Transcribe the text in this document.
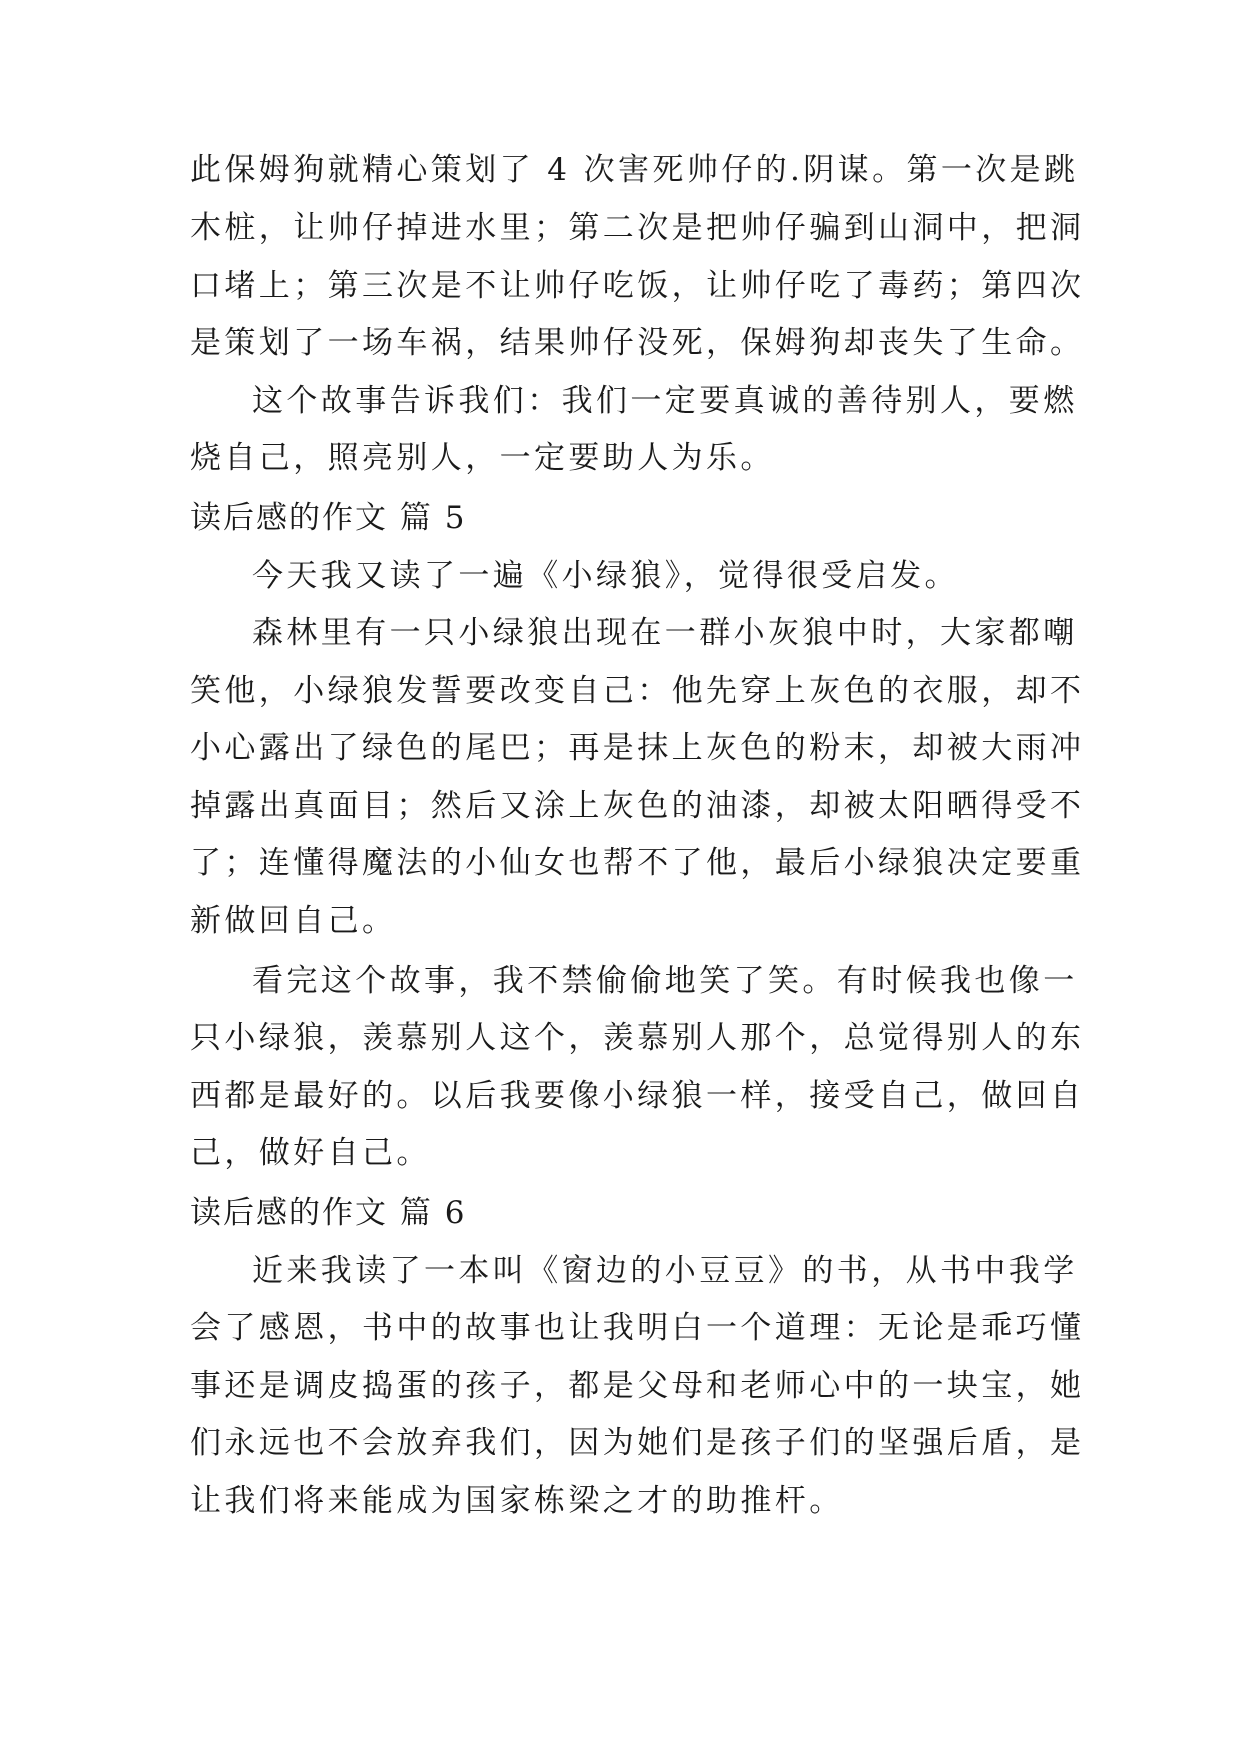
此保姆狗就精心策划了 4 次害死帅仔的.阴谋。第一次是跳
木桩，让帅仔掉进水里；第二次是把帅仔骗到山洞中，把洞
口堵上；第三次是不让帅仔吃饭，让帅仔吃了毒药；第四次
是策划了一场车祸，结果帅仔没死，保姆狗却丧失了生命。
这个故事告诉我们：我们一定要真诚的善待别人，要燃
烧自己，照亮别人，一定要助人为乐。
读后感的作文 篇 5
今天我又读了一遍《小绿狼》，觉得很受启发。
森林里有一只小绿狼出现在一群小灰狼中时，大家都嘲
笑他，小绿狼发誓要改变自己：他先穿上灰色的衣服，却不
小心露出了绿色的尾巴；再是抹上灰色的粉末，却被大雨冲
掉露出真面目；然后又涂上灰色的油漆，却被太阳晒得受不
了；连懂得魔法的小仙女也帮不了他，最后小绿狼决定要重
新做回自己。
看完这个故事，我不禁偷偷地笑了笑。有时候我也像一
只小绿狼，羡慕别人这个，羡慕别人那个，总觉得别人的东
西都是最好的。以后我要像小绿狼一样，接受自己，做回自
己，做好自己。
读后感的作文 篇 6
近来我读了一本叫《窗边的小豆豆》的书，从书中我学
会了感恩，书中的故事也让我明白一个道理：无论是乖巧懂
事还是调皮捣蛋的孩子，都是父母和老师心中的一块宝，她
们永远也不会放弃我们，因为她们是孩子们的坚强后盾，是
让我们将来能成为国家栋梁之才的助推杆。
